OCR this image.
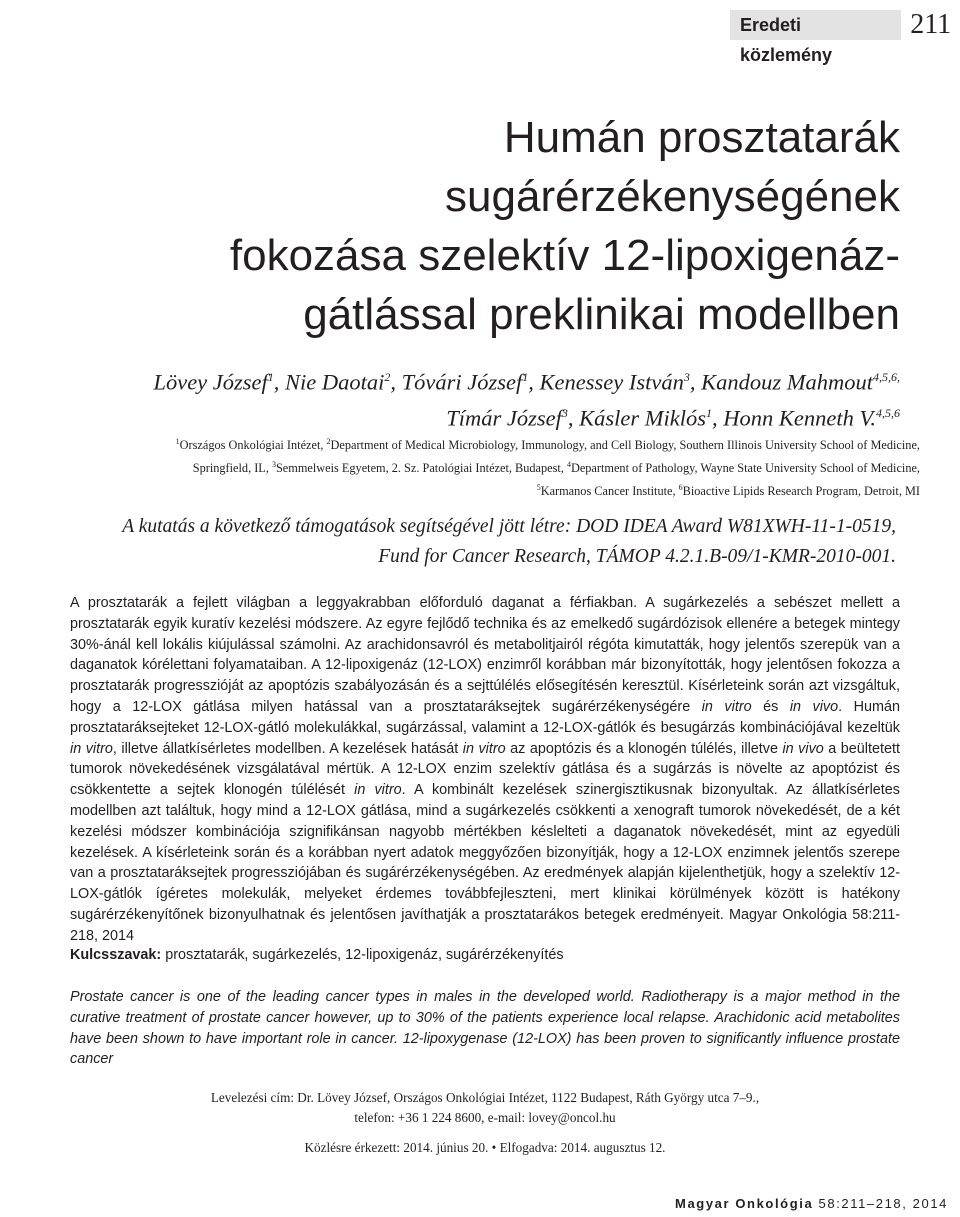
Eredeti közlemény
211
Humán prosztatarák
sugárérzékenységének
fokozása szelektív 12-lipoxigenáz-
gátlással preklinikai modellben
Lövey József$^1$, Nie Daotai$^2$, Tóvári József$^1$, Kenessey István$^3$, Kandouz Mahmout$^{4,5,6,}$
Tímár József$^3$, Kásler Miklós$^1$, Honn Kenneth V.$^{4,5,6}$
$^1$Országos Onkológiai Intézet, $^2$Department of Medical Microbiology, Immunology, and Cell Biology, Southern Illinois University School of Medicine,
Springfield, IL, $^3$Semmelweis Egyetem, 2. Sz. Patológiai Intézet, Budapest, $^4$Department of Pathology, Wayne State University School of Medicine,
$^5$Karmanos Cancer Institute, $^6$Bioactive Lipids Research Program, Detroit, MI
A kutatás a következő támogatások segítségével jött létre: DOD IDEA Award W81XWH-11-1-0519,
Fund for Cancer Research, TÁMOP 4.2.1.B-09/1-KMR-2010-001.
A prosztatarák a fejlett világban a leggyakrabban előforduló daganat a férfiakban. A sugárkezelés a sebészet mellett a prosztatarák egyik kuratív kezelési módszere. Az egyre fejlődő technika és az emelkedő sugárdózisok ellenére a betegek mintegy 30%-ánál kell lokális kiújulással számolni. Az arachidonsavról és metabolitjairól régóta kimutatták, hogy jelentős szerepük van a daganatok kórélettani folyamataiban. A 12-lipoxigenáz (12-LOX) enzimről korábban már bizonyították, hogy jelentősen fokozza a prosztatarák progresszióját az apoptózis szabályozásán és a sejttúlélés elősegítésén keresztül. Kísérleteink során azt vizsgáltuk, hogy a 12-LOX gátlása milyen hatással van a prosztataráksejtek sugárérzékenységére in vitro és in vivo. Humán prosztataráksejteket 12-LOX-gátló molekulákkal, sugárzással, valamint a 12-LOX-gátlók és besugárzás kombinációjával kezeltük in vitro, illetve állatkísérletes modellben. A kezelések hatását in vitro az apoptózis és a klonogén túlélés, illetve in vivo a beültetett tumorok növekedésének vizsgálatával mértük. A 12-LOX enzim szelektív gátlása és a sugárzás is növelte az apoptózist és csökkentette a sejtek klonogén túlélését in vitro. A kombinált kezelések szinergisztikusnak bizonyultak. Az állatkísérletes modellben azt találtuk, hogy mind a 12-LOX gátlása, mind a sugárkezelés csökkenti a xenograft tumorok növekedését, de a két kezelési módszer kombinációja szignifikánsan nagyobb mértékben késlelteti a daganatok növekedését, mint az egyedüli kezelések. A kísérleteink során és a korábban nyert adatok meggyőzően bizonyítják, hogy a 12-LOX enzimnek jelentős szerepe van a prosztataráksejtek progressziójában és sugárérzékenységében. Az eredmények alapján kijelenthetjük, hogy a szelektív 12-LOX-gátlók ígéretes molekulák, melyeket érdemes továbbfejleszteni, mert klinikai körülmények között is hatékony sugárérzékenyítőnek bizonyulhatnak és jelentősen javíthatják a prosztatarákos betegek eredményeit. Magyar Onkológia 58:211-218, 2014
Kulcsszavak: prosztatarák, sugárkezelés, 12-lipoxigenáz, sugárérzékenyítés
Prostate cancer is one of the leading cancer types in males in the developed world. Radiotherapy is a major method in the curative treatment of prostate cancer however, up to 30% of the patients experience local relapse. Arachidonic acid metabolites have been shown to have important role in cancer. 12-lipoxygenase (12-LOX) has been proven to significantly influence prostate cancer
Levelezési cím: Dr. Lövey József, Országos Onkológiai Intézet, 1122 Budapest, Ráth György utca 7–9.,
telefon: +36 1 224 8600, e-mail: lovey@oncol.hu
Közlésre érkezett: 2014. június 20. • Elfogadva: 2014. augusztus 12.
Magyar Onkológia 58:211–218, 2014
